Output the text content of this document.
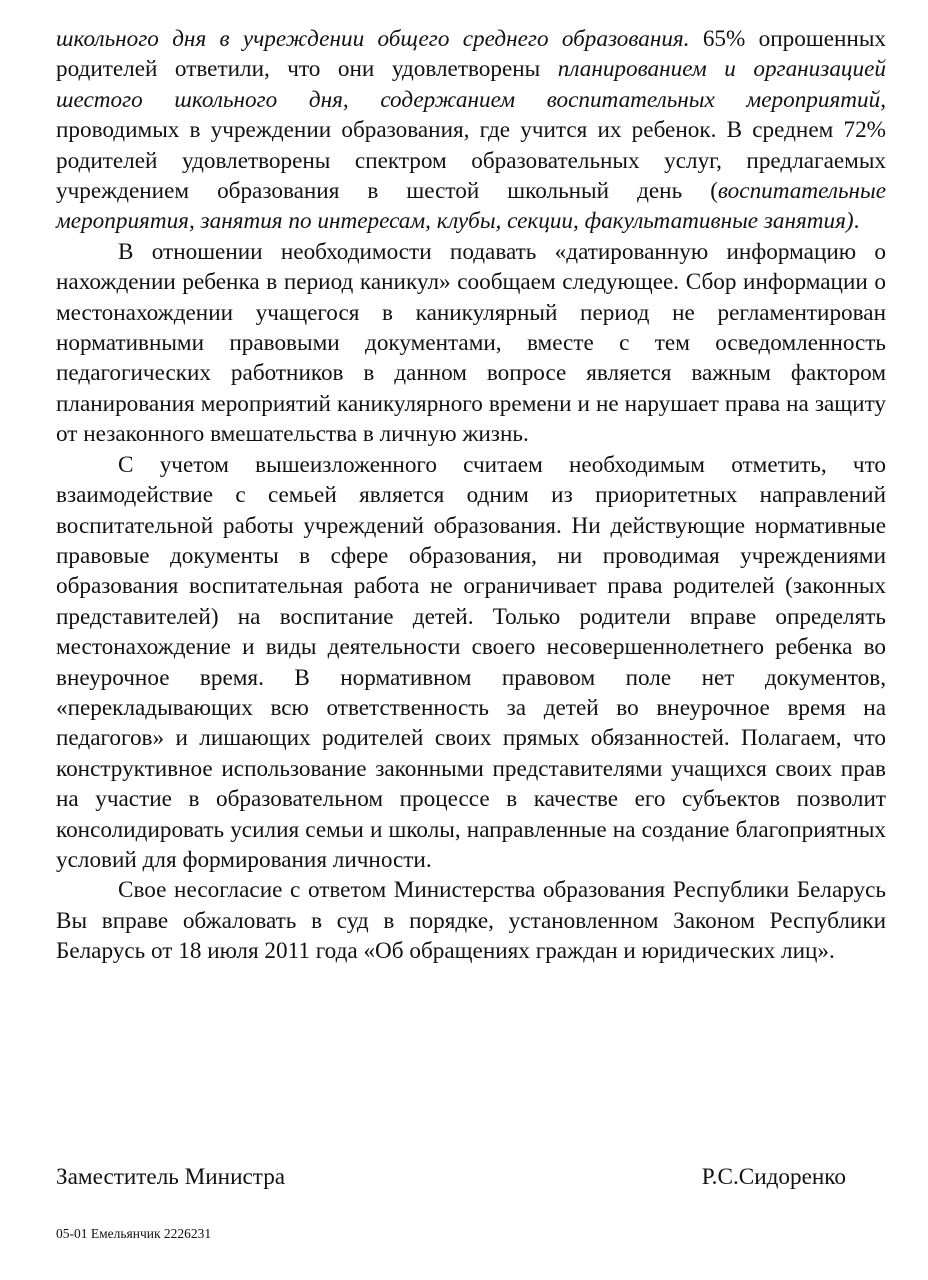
школьного дня в учреждении общего среднего образования. 65% опрошенных родителей ответили, что они удовлетворены планированием и организацией шестого школьного дня, содержанием воспитательных мероприятий, проводимых в учреждении образования, где учится их ребенок. В среднем 72% родителей удовлетворены спектром образовательных услуг, предлагаемых учреждением образования в шестой школьный день (воспитательные мероприятия, занятия по интересам, клубы, секции, факультативные занятия).

В отношении необходимости подавать «датированную информацию о нахождении ребенка в период каникул» сообщаем следующее. Сбор информации о местонахождении учащегося в каникулярный период не регламентирован нормативными правовыми документами, вместе с тем осведомленность педагогических работников в данном вопросе является важным фактором планирования мероприятий каникулярного времени и не нарушает права на защиту от незаконного вмешательства в личную жизнь.

С учетом вышеизложенного считаем необходимым отметить, что взаимодействие с семьей является одним из приоритетных направлений воспитательной работы учреждений образования. Ни действующие нормативные правовые документы в сфере образования, ни проводимая учреждениями образования воспитательная работа не ограничивает права родителей (законных представителей) на воспитание детей. Только родители вправе определять местонахождение и виды деятельности своего несовершеннолетнего ребенка во внеурочное время. В нормативном правовом поле нет документов, «перекладывающих всю ответственность за детей во внеурочное время на педагогов» и лишающих родителей своих прямых обязанностей. Полагаем, что конструктивное использование законными представителями учащихся своих прав на участие в образовательном процессе в качестве его субъектов позволит консолидировать усилия семьи и школы, направленные на создание благоприятных условий для формирования личности.

Свое несогласие с ответом Министерства образования Республики Беларусь Вы вправе обжаловать в суд в порядке, установленном Законом Республики Беларусь от 18 июля 2011 года «Об обращениях граждан и юридических лиц».

Заместитель Министра	Р.С.Сидоренко
05-01 Емельянчик 2226231
